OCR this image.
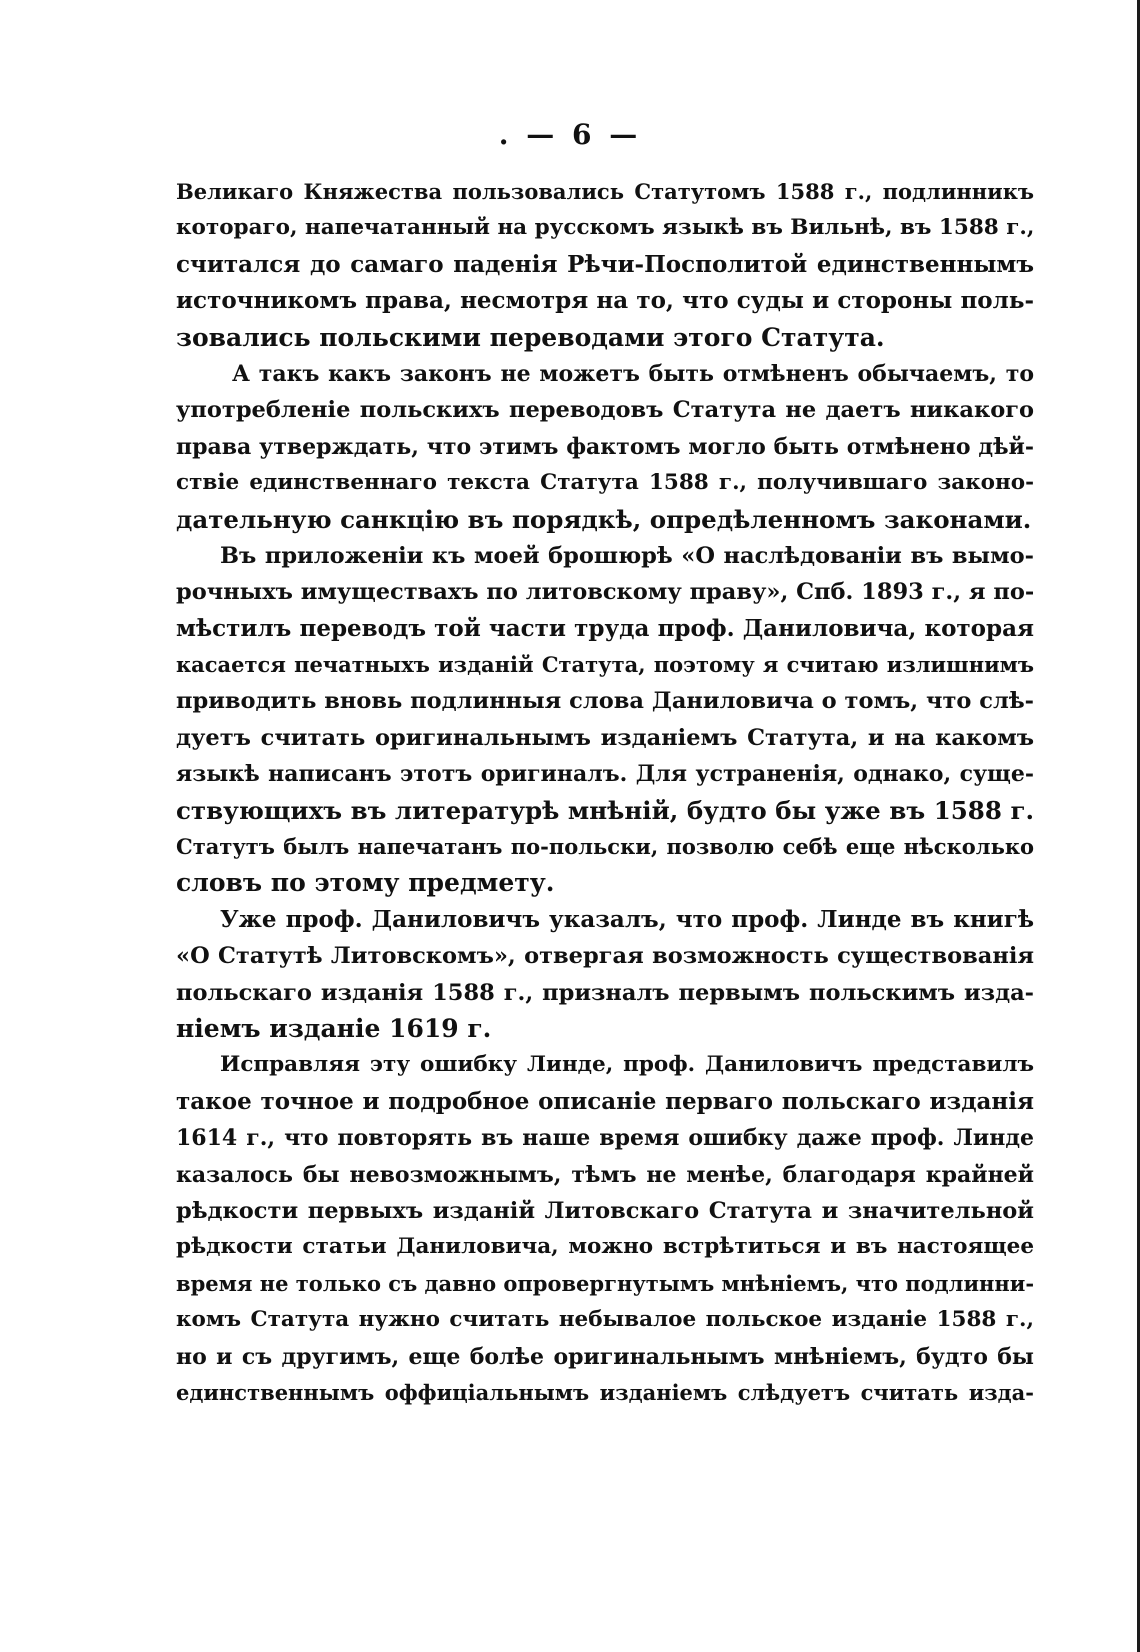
. — 6 —
Великаго Княжества пользовались Статутомъ 1588 г., подлинникъ
котораго, напечатанный на русскомъ языкѣ въ Вильнѣ, въ 1588 г.,
считался до самаго паденія Рѣчи-Посполитой единственнымъ
источникомъ права, несмотря на то, что суды и стороны поль-
зовались польскими переводами этого Статута.
А такъ какъ законъ не можетъ быть отмѣненъ обычаемъ, то
употребленіе польскихъ переводовъ Статута не даетъ никакого
права утверждать, что этимъ фактомъ могло быть отмѣнено дѣй-
ствіе единственнаго текста Статута 1588 г., получившаго законо-
дательную санкцію въ порядкѣ, опредѣленномъ законами.
Въ приложеніи къ моей брошюрѣ «О наслѣдованіи въ вымо-
рочныхъ имуществахъ по литовскому праву», Спб. 1893 г., я по-
мѣстилъ переводъ той части труда проф. Даниловича, которая
касается печатныхъ изданій Статута, поэтому я считаю излишнимъ
приводить вновь подлинныя слова Даниловича о томъ, что слѣ-
дуетъ считать оригинальнымъ изданіемъ Статута, и на какомъ
языкѣ написанъ этотъ оригиналъ. Для устраненія, однако, суще-
ствующихъ въ литературѣ мнѣній, будто бы уже въ 1588 г.
Статутъ былъ напечатанъ по-польски, позволю себѣ еще нѣсколько
словъ по этому предмету.
Уже проф. Даниловичъ указалъ, что проф. Линде въ книгѣ
«О Статутѣ Литовскомъ», отвергая возможность существованія
польскаго изданія 1588 г., призналъ первымъ польскимъ изда-
ніемъ изданіе 1619 г.
Исправляя эту ошибку Линде, проф. Даниловичъ представилъ
такое точное и подробное описаніе перваго польскаго изданія
1614 г., что повторять въ наше время ошибку даже проф. Линде
казалось бы невозможнымъ, тѣмъ не менѣе, благодаря крайней
рѣдкости первыхъ изданій Литовскаго Статута и значительной
рѣдкости статьи Даниловича, можно встрѣтиться и въ настоящее
время не только съ давно опровергнутымъ мнѣніемъ, что подлинни-
комъ Статута нужно считать небывалое польское изданіе 1588 г.,
но и съ другимъ, еще болѣе оригинальнымъ мнѣніемъ, будто бы
единственнымъ оффиціальнымъ изданіемъ слѣдуетъ считать изда-
